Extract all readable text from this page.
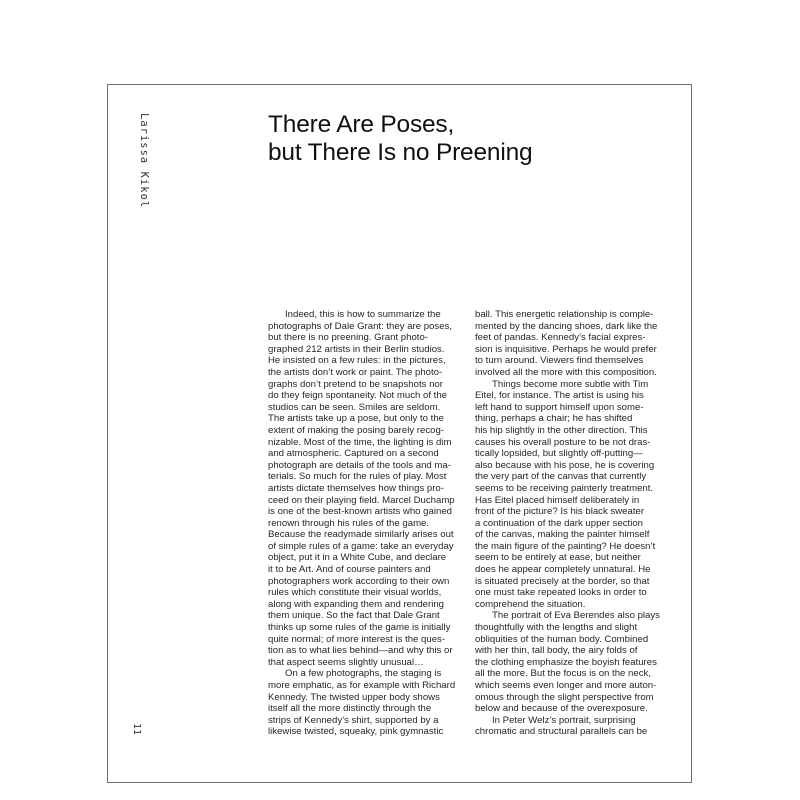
Larissa Kikol
11
There Are Poses,
but There Is no Preening
Indeed, this is how to summarize the
photographs of Dale Grant: they are poses,
but there is no preening. Grant photo-
graphed 212 artists in their Berlin studios.
He insisted on a few rules: in the pictures,
the artists don’t work or paint. The photo-
graphs don’t pretend to be snapshots nor
do they feign spontaneity. Not much of the
studios can be seen. Smiles are seldom.
The artists take up a pose, but only to the
extent of making the posing barely recog-
nizable. Most of the time, the lighting is dim
and atmospheric. Captured on a second
photograph are details of the tools and ma-
terials. So much for the rules of play. Most
artists dictate themselves how things pro-
ceed on their playing field. Marcel Duchamp
is one of the best-known artists who gained
renown through his rules of the game.
Because the readymade similarly arises out
of simple rules of a game: take an everyday
object, put it in a White Cube, and declare
it to be Art. And of course painters and
photographers work according to their own
rules which constitute their visual worlds,
along with expanding them and rendering
them unique. So the fact that Dale Grant
thinks up some rules of the game is initially
quite normal; of more interest is the ques-
tion as to what lies behind—and why this or
that aspect seems slightly unusual…
On a few photographs, the staging is
more emphatic, as for example with Richard
Kennedy. The twisted upper body shows
itself all the more distinctly through the
strips of Kennedy’s shirt, supported by a
likewise twisted, squeaky, pink gymnastic
ball. This energetic relationship is comple-
mented by the dancing shoes, dark like the
feet of pandas. Kennedy’s facial expres-
sion is inquisitive. Perhaps he would prefer
to turn around. Viewers find themselves
involved all the more with this composition.
Things become more subtle with Tim
Eitel, for instance. The artist is using his
left hand to support himself upon some-
thing, perhaps a chair; he has shifted
his hip slightly in the other direction. This
causes his overall posture to be not dras-
tically lopsided, but slightly off-putting—
also because with his pose, he is covering
the very part of the canvas that currently
seems to be receiving painterly treatment.
Has Eitel placed himself deliberately in
front of the picture? Is his black sweater
a continuation of the dark upper section
of the canvas, making the painter himself
the main figure of the painting? He doesn’t
seem to be entirely at ease, but neither
does he appear completely unnatural. He
is situated precisely at the border, so that
one must take repeated looks in order to
comprehend the situation.
The portrait of Eva Berendes also plays
thoughtfully with the lengths and slight
obliquities of the human body. Combined
with her thin, tall body, the airy folds of
the clothing emphasize the boyish features
all the more. But the focus is on the neck,
which seems even longer and more auton-
omous through the slight perspective from
below and because of the overexposure.
In Peter Welz’s portrait, surprising
chromatic and structural parallels can be
